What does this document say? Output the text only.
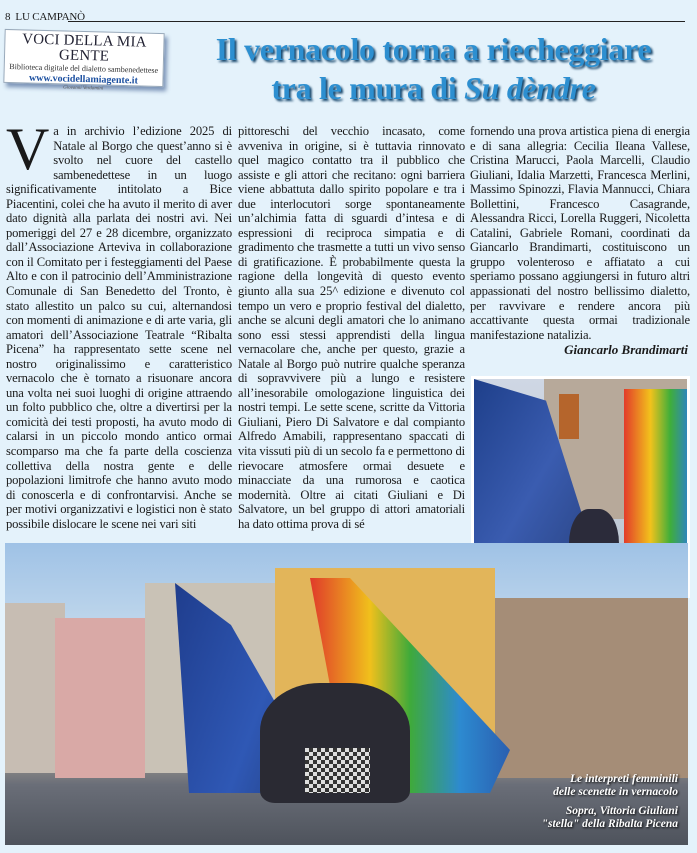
8 LU CAMPANÒ
VOCI DELLA MIA GENTE
Biblioteca digitale del dialetto sambenedettese
www.vocidellamiagente.it
Giovanni Verdamini
Il vernacolo torna a riecheggiare
tra le mura di Su dèndre
Va in archivio l’edizione 2025 di Natale al Borgo che quest’anno si è svolto nel cuore del castello sambenedettese in un luogo significativamente intitolato a Bice Piacentini, colei che ha avuto il merito di aver dato dignità alla parlata dei nostri avi. Nei pomeriggi del 27 e 28 dicembre, organizzato dall’Associazione Arteviva in collaborazione con il Comitato per i festeggiamenti del Paese Alto e con il patrocinio dell’Amministrazione Comunale di San Benedetto del Tronto, è stato allestito un palco su cui, alternandosi con momenti di animazione e di arte varia, gli amatori dell’Associazione Teatrale “Ribalta Picena” ha rappresentato sette scene nel nostro originalissimo e caratteristico vernacolo che è tornato a risuonare ancora una volta nei suoi luoghi di origine attraendo un folto pubblico che, oltre a divertirsi per la comicità dei testi proposti, ha avuto modo di calarsi in un piccolo mondo antico ormai scomparso ma che fa parte della coscienza collettiva della nostra gente e delle popolazioni limitrofe che hanno avuto modo di conoscerla e di confrontarvisi. Anche se per motivi organizzativi e logistici non è stato possibile dislocare le scene nei vari siti
pittoreschi del vecchio incasato, come avveniva in origine, si è tuttavia rinnovato quel magico contatto tra il pubblico che assiste e gli attori che recitano: ogni barriera viene abbattuta dallo spirito popolare e tra i due interlocutori sorge spontaneamente un’alchimia fatta di sguardi d’intesa e di espressioni di reciproca simpatia e di gradimento che trasmette a tutti un vivo senso di gratificazione. È probabilmente questa la ragione della longevità di questo evento giunto alla sua 25^ edizione e divenuto col tempo un vero e proprio festival del dialetto, anche se alcuni degli amatori che lo animano sono essi stessi apprendisti della lingua vernacolare che, anche per questo, grazie a Natale al Borgo può nutrire qualche speranza di sopravvivere più a lungo e resistere all’inesorabile omologazione linguistica dei nostri tempi. Le sette scene, scritte da Vittoria Giuliani, Piero Di Salvatore e dal compianto Alfredo Amabili, rappresentano spaccati di vita vissuti più di un secolo fa e permettono di rievocare atmosfere ormai desuete e minacciate da una rumorosa e caotica modernità. Oltre ai citati Giuliani e Di Salvatore, un bel gruppo di attori amatoriali ha dato ottima prova di sé
fornendo una prova artistica piena di energia e di sana allegria: Cecilia Ileana Vallese, Cristina Marucci, Paola Marcelli, Claudio Giuliani, Idalia Marzetti, Francesca Merlini, Massimo Spinozzi, Flavia Mannucci, Chiara Bollettini, Francesco Casagrande, Alessandra Ricci, Lorella Ruggeri, Nicoletta Catalini, Gabriele Romani, coordinati da Giancarlo Brandimarti, costituiscono un gruppo volenteroso e affiatato a cui speriamo possano aggiungersi in futuro altri appassionati del nostro bellissimo dialetto, per ravvivare e rendere ancora più accattivante questa ormai tradizionale manifestazione natalizia.
Giancarlo Brandimarti
Le interpreti femminili
delle scenette in vernacolo
Sopra, Vittoria Giuliani
"stella" della Ribalta Picena
